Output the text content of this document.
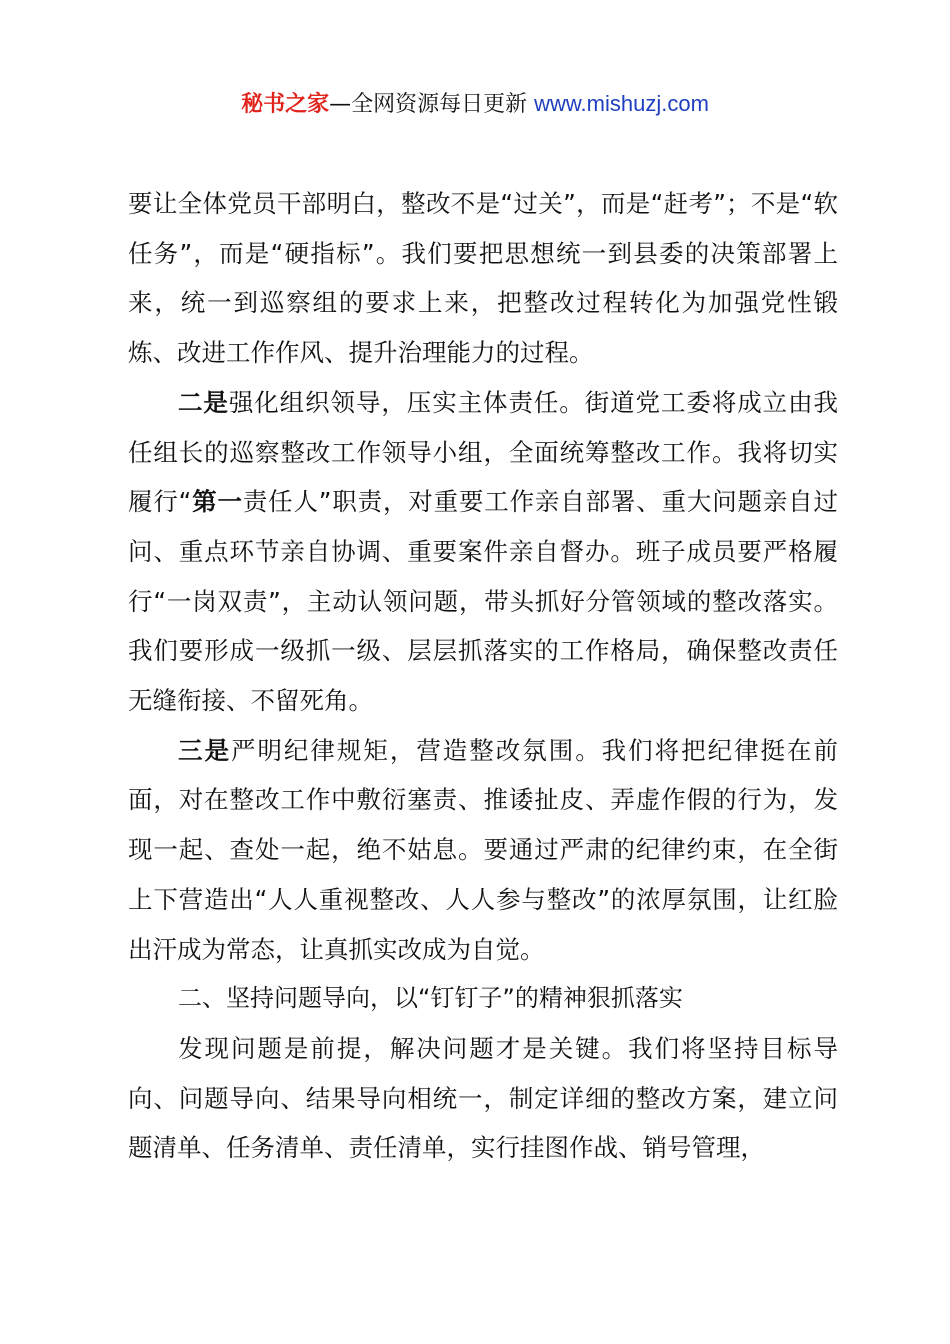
秘书之家—全网资源每日更新 www.mishuzj.com

要让全体党员干部明白，整改不是“过关”，而是“赶考”；不是“软任务”，而是“硬指标”。我们要把思想统一到县委的决策部署上来，统一到巡察组的要求上来，把整改过程转化为加强党性锻炼、改进工作作风、提升治理能力的过程。

二是强化组织领导，压实主体责任。街道党工委将成立由我任组长的巡察整改工作领导小组，全面统筹整改工作。我将切实履行“第一责任人”职责，对重要工作亲自部署、重大问题亲自过问、重点环节亲自协调、重要案件亲自督办。班子成员要严格履行“一岗双责”，主动认领问题，带头抓好分管领域的整改落实。我们要形成一级抓一级、层层抓落实的工作格局，确保整改责任无缝衔接、不留死角。

三是严明纪律规矩，营造整改氛围。我们将把纪律挺在前面，对在整改工作中敷衍塞责、推诿扯皮、弄虚作假的行为，发现一起、查处一起，绝不姑息。要通过严肃的纪律约束，在全街上下营造出“人人重视整改、人人参与整改”的浓厚氛围，让红脸出汗成为常态，让真抓实改成为自觉。

二、坚持问题导向，以“钉钉子”的精神狠抓落实

发现问题是前提，解决问题才是关键。我们将坚持目标导向、问题导向、结果导向相统一，制定详细的整改方案，建立问题清单、任务清单、责任清单，实行挂图作战、销号管理，
